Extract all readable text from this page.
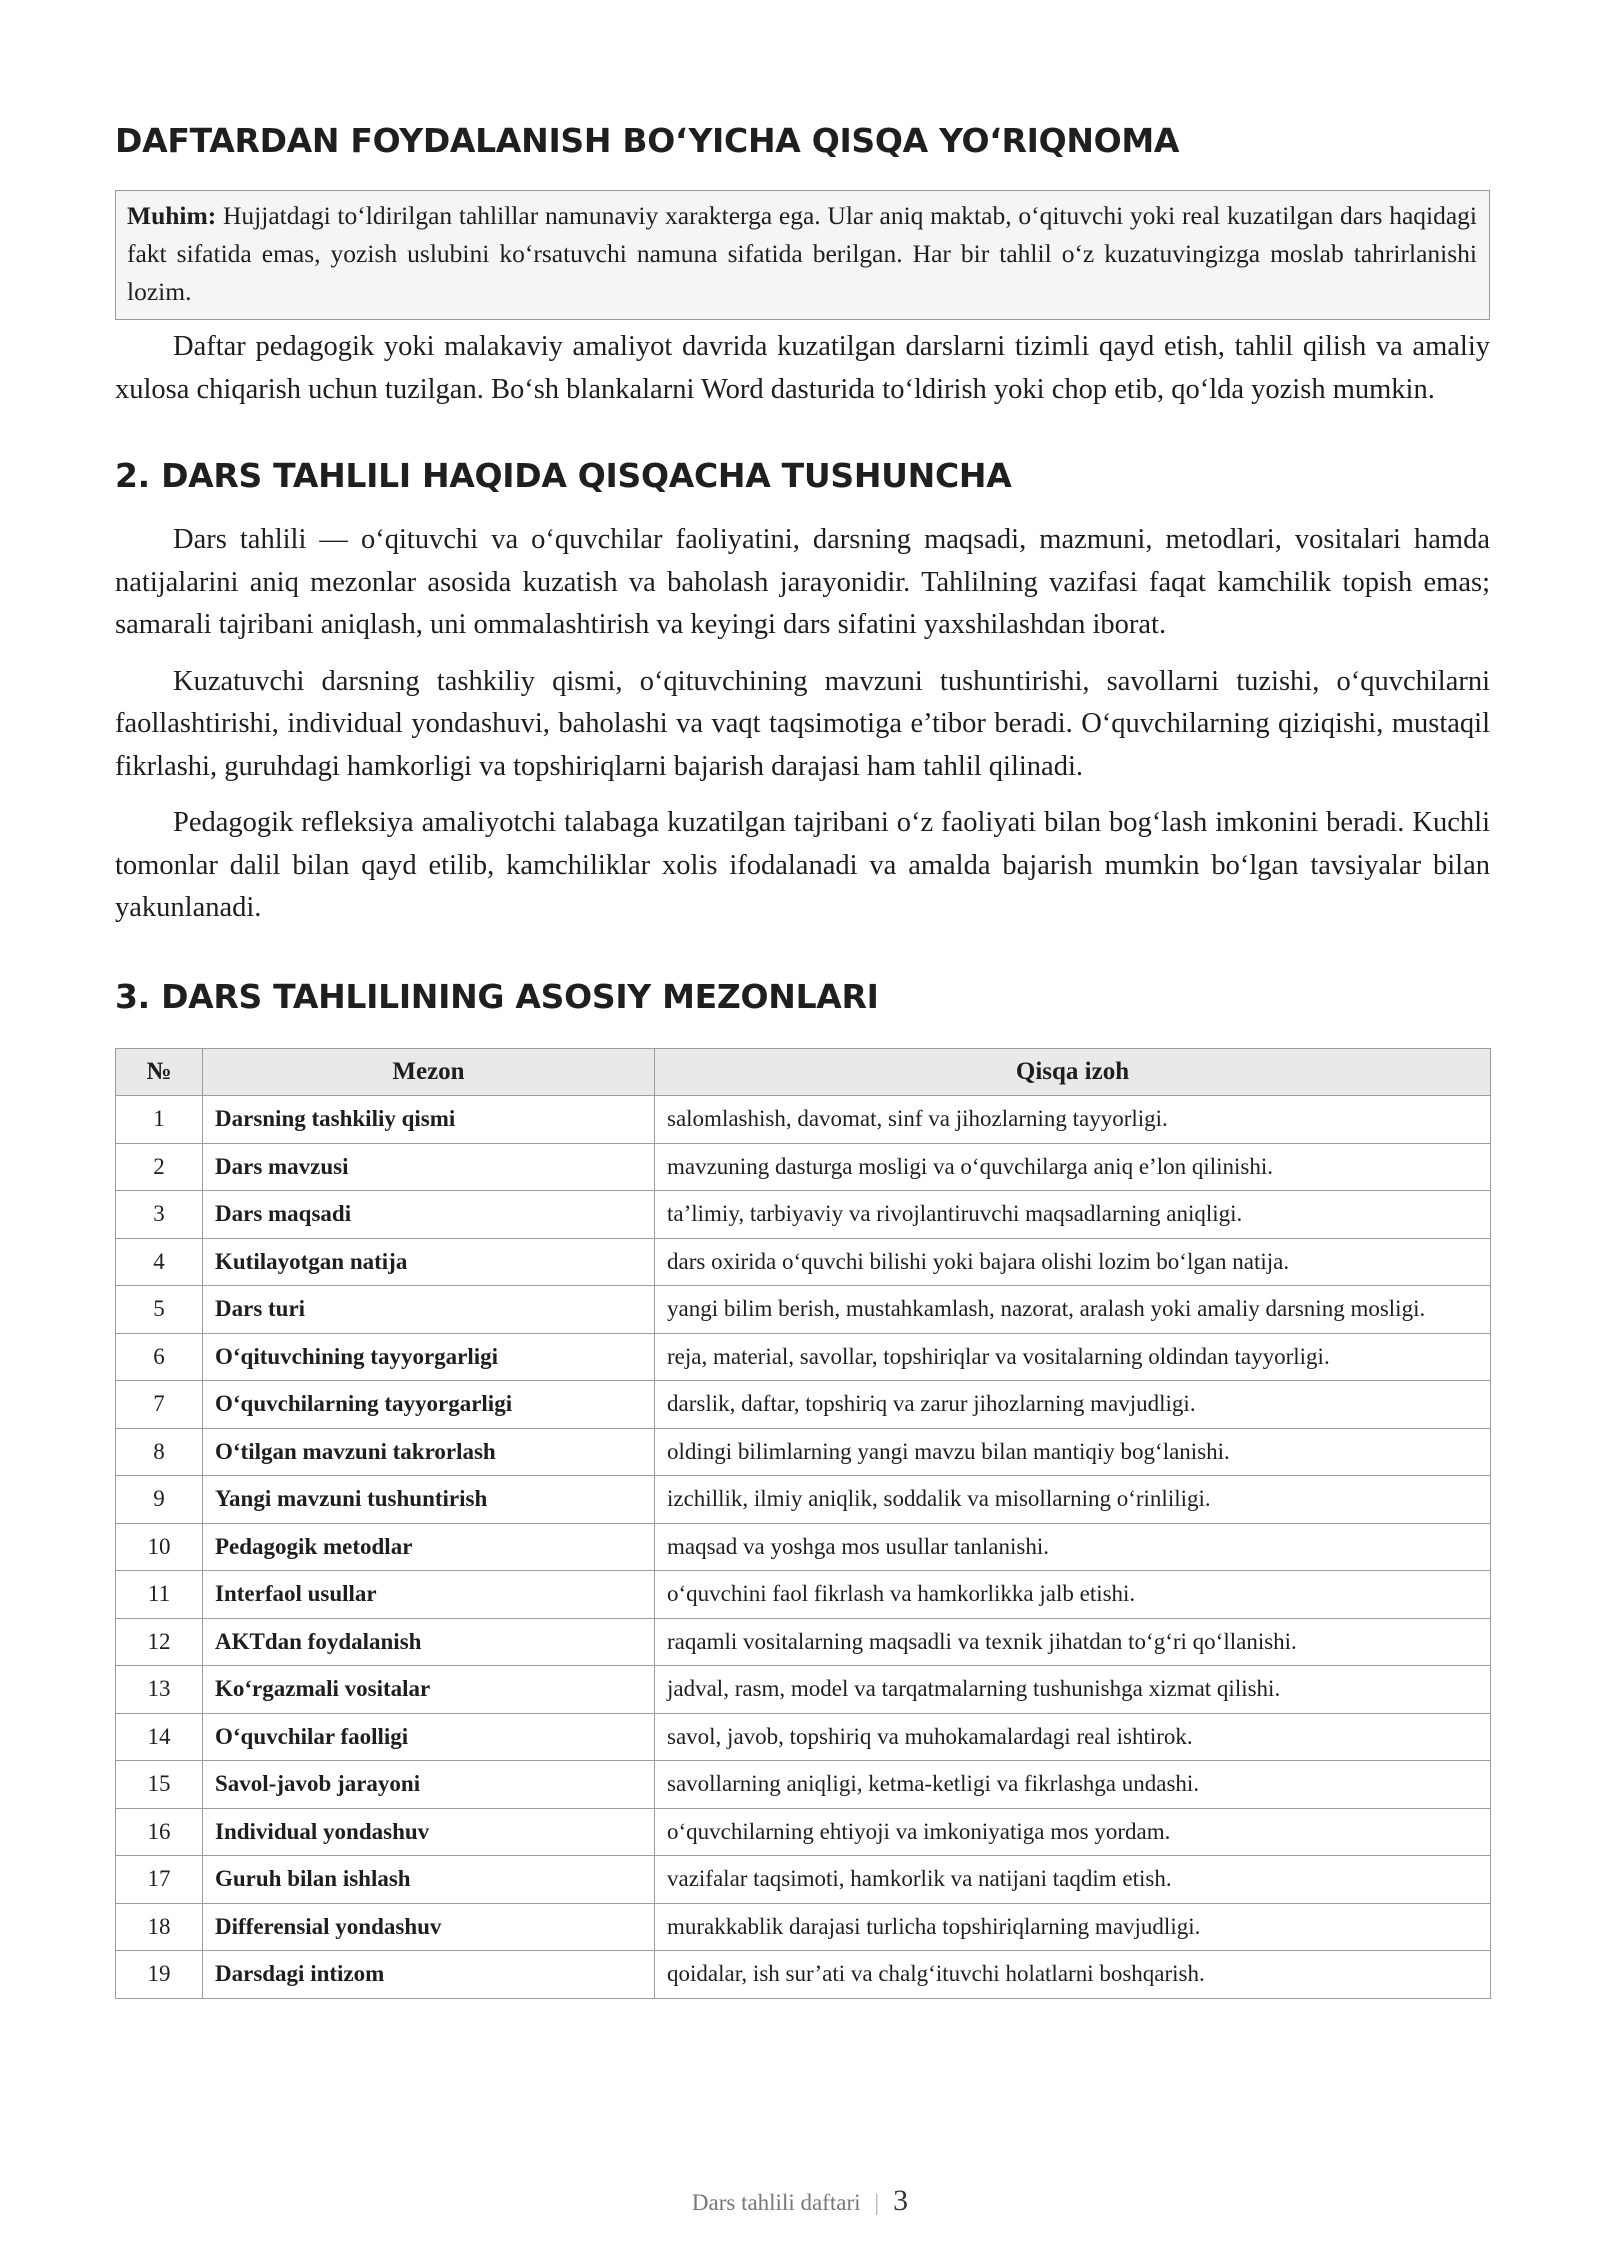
DAFTARDAN FOYDALANISH BO‘YICHA QISQA YO‘RIQNOMA
Muhim: Hujjatdagi to‘ldirilgan tahlillar namunaviy xarakterga ega. Ular aniq maktab, o‘qituvchi yoki real kuzatilgan dars haqidagi fakt sifatida emas, yozish uslubini ko‘rsatuvchi namuna sifatida berilgan. Har bir tahlil o‘z kuzatuvingizga moslab tahrirlanishi lozim.

Daftar pedagogik yoki malakaviy amaliyot davrida kuzatilgan darslarni tizimli qayd etish, tahlil qilish va amaliy xulosa chiqarish uchun tuzilgan. Bo‘sh blankalarni Word dasturida to‘ldirish yoki chop etib, qo‘lda yozish mumkin.

2. DARS TAHLILI HAQIDA QISQACHA TUSHUNCHA

Dars tahlili — o‘qituvchi va o‘quvchilar faoliyatini, darsning maqsadi, mazmuni, metodlari, vositalari hamda natijalarini aniq mezonlar asosida kuzatish va baholash jarayonidir. Tahlilning vazifasi faqat kamchilik topish emas; samarali tajribani aniqlash, uni ommalashtirish va keyingi dars sifatini yaxshilashdan iborat.

Kuzatuvchi darsning tashkiliy qismi, o‘qituvchining mavzuni tushuntirishi, savollarni tuzishi, o‘quvchilarni faollashtirishi, individual yondashuvi, baholashi va vaqt taqsimotiga e’tibor beradi. O‘quvchilarning qiziqishi, mustaqil fikrlashi, guruhdagi hamkorligi va topshiriqlarni bajarish darajasi ham tahlil qilinadi.

Pedagogik refleksiya amaliyotchi talabaga kuzatilgan tajribani o‘z faoliyati bilan bog‘lash imkonini beradi. Kuchli tomonlar dalil bilan qayd etilib, kamchiliklar xolis ifodalanadi va amalda bajarish mumkin bo‘lgan tavsiyalar bilan yakunlanadi.

3. DARS TAHLILINING ASOSIY MEZONLARI
№	Mezon	Qisqa izoh
1	Darsning tashkiliy qismi	salomlashish, davomat, sinf va jihozlarning tayyorligi.
2	Dars mavzusi	mavzuning dasturga mosligi va o‘quvchilarga aniq e’lon qilinishi.
3	Dars maqsadi	ta’limiy, tarbiyaviy va rivojlantiruvchi maqsadlarning aniqligi.
4	Kutilayotgan natija	dars oxirida o‘quvchi bilishi yoki bajara olishi lozim bo‘lgan natija.
5	Dars turi	yangi bilim berish, mustahkamlash, nazorat, aralash yoki amaliy darsning mosligi.
6	O‘qituvchining tayyorgarligi	reja, material, savollar, topshiriqlar va vositalarning oldindan tayyorligi.
7	O‘quvchilarning tayyorgarligi	darslik, daftar, topshiriq va zarur jihozlarning mavjudligi.
8	O‘tilgan mavzuni takrorlash	oldingi bilimlarning yangi mavzu bilan mantiqiy bog‘lanishi.
9	Yangi mavzuni tushuntirish	izchillik, ilmiy aniqlik, soddalik va misollarning o‘rinliligi.
10	Pedagogik metodlar	maqsad va yoshga mos usullar tanlanishi.
11	Interfaol usullar	o‘quvchini faol fikrlash va hamkorlikka jalb etishi.
12	AKTdan foydalanish	raqamli vositalarning maqsadli va texnik jihatdan to‘g‘ri qo‘llanishi.
13	Ko‘rgazmali vositalar	jadval, rasm, model va tarqatmalarning tushunishga xizmat qilishi.
14	O‘quvchilar faolligi	savol, javob, topshiriq va muhokamalardagi real ishtirok.
15	Savol-javob jarayoni	savollarning aniqligi, ketma-ketligi va fikrlashga undashi.
16	Individual yondashuv	o‘quvchilarning ehtiyoji va imkoniyatiga mos yordam.
17	Guruh bilan ishlash	vazifalar taqsimoti, hamkorlik va natijani taqdim etish.
18	Differensial yondashuv	murakkablik darajasi turlicha topshiriqlarning mavjudligi.
19	Darsdagi intizom	qoidalar, ish sur’ati va chalg‘ituvchi holatlarni boshqarish.
Dars tahlili daftari | 3
